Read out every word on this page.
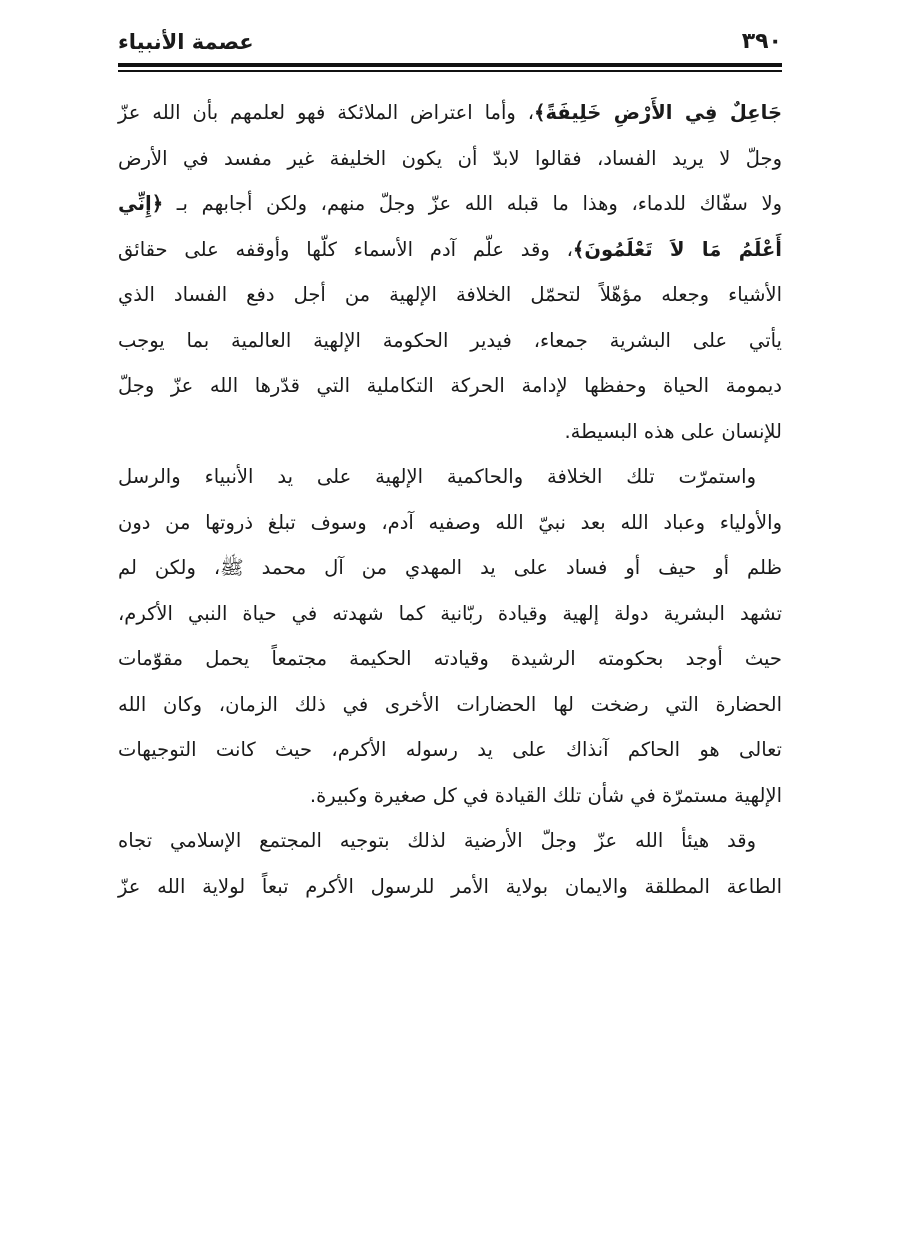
٣٩٠
عصمة الأنبياء
جَاعِلٌ فِي الأَرْضِ خَلِيفَةً﴾، وأما اعتراض الملائكة فهو لعلمهم بأن الله عزّ
وجلّ لا يريد الفساد، فقالوا لابدّ أن يكون الخليفة غير مفسد في الأرض
ولا سفّاك للدماء، وهذا ما قبله الله عزّ وجلّ منهم، ولكن أجابهم بـ ﴿إِنِّي
أَعْلَمُ مَا لاَ تَعْلَمُونَ﴾، وقد علّم آدم الأسماء كلّها وأوقفه على حقائق
الأشياء وجعله مؤهّلاً لتحمّل الخلافة الإلهية من أجل دفع الفساد الذي
يأتي على البشرية جمعاء، فيدير الحكومة الإلهية العالمية بما يوجب
ديمومة الحياة وحفظها لإدامة الحركة التكاملية التي قدّرها الله عزّ وجلّ
للإنسان على هذه البسيطة.
واستمرّت تلك الخلافة والحاكمية الإلهية على يد الأنبياء والرسل
والأولياء وعباد الله بعد نبيّ الله وصفيه آدم، وسوف تبلغ ذروتها من دون
ظلم أو حيف أو فساد على يد المهدي من آل محمد ﷺ، ولكن لم
تشهد البشرية دولة إلهية وقيادة ربّانية كما شهدته في حياة النبي الأكرم،
حيث أوجد بحكومته الرشيدة وقيادته الحكيمة مجتمعاً يحمل مقوّمات
الحضارة التي رضخت لها الحضارات الأخرى في ذلك الزمان، وكان الله
تعالى هو الحاكم آنذاك على يد رسوله الأكرم، حيث كانت التوجيهات
الإلهية مستمرّة في شأن تلك القيادة في كل صغيرة وكبيرة.
وقد هيئأ الله عزّ وجلّ الأرضية لذلك بتوجيه المجتمع الإسلامي تجاه
الطاعة المطلقة والايمان بولاية الأمر للرسول الأكرم تبعاً لولاية الله عزّ
